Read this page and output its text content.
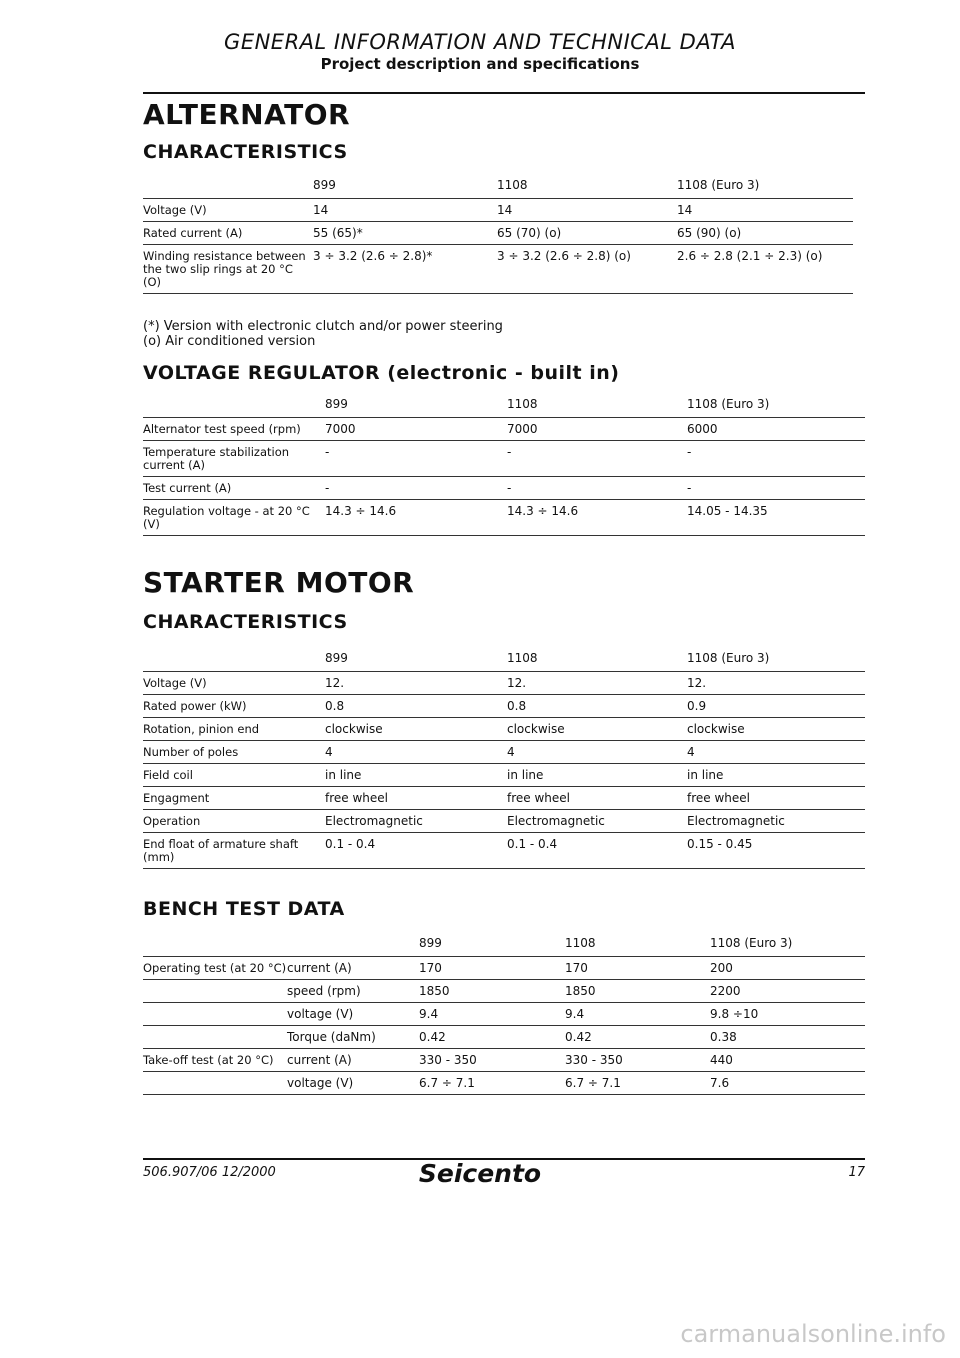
GENERAL INFORMATION AND TECHNICAL DATA
Project description and specifications
ALTERNATOR
CHARACTERISTICS
	899	1108	1108 (Euro 3)
Voltage (V)	14	14	14
Rated current (A)	55 (65)*	65 (70) (o)	65 (90) (o)
Winding resistance between the two slip rings at 20 °C (O)	3 ÷ 3.2 (2.6 ÷ 2.8)*	3 ÷ 3.2 (2.6 ÷ 2.8) (o)	2.6 ÷ 2.8 (2.1 ÷ 2.3) (o)
(*) Version with electronic clutch and/or power steering
(o) Air conditioned version
VOLTAGE REGULATOR (electronic - built in)
	899	1108	1108 (Euro 3)
Alternator test speed (rpm)	7000	7000	6000
Temperature stabilization current (A)	-	-	-
Test current (A)	-	-	-
Regulation voltage - at 20 °C (V)	14.3 ÷ 14.6	14.3 ÷ 14.6	14.05 - 14.35
STARTER MOTOR
CHARACTERISTICS
	899	1108	1108 (Euro 3)
Voltage (V)	12.	12.	12.
Rated power (kW)	0.8	0.8	0.9
Rotation, pinion end	clockwise	clockwise	clockwise
Number of poles	4	4	4
Field coil	in line	in line	in line
Engagment	free wheel	free wheel	free wheel
Operation	Electromagnetic	Electromagnetic	Electromagnetic
End float of armature shaft (mm)	0.1 - 0.4	0.1 - 0.4	0.15 - 0.45
BENCH TEST DATA
		899	1108	1108 (Euro 3)
Operating test (at 20 °C)	current (A)	170	170	200
	speed (rpm)	1850	1850	2200
	voltage (V)	9.4	9.4	9.8 ÷10
	Torque (daNm)	0.42	0.42	0.38
Take-off test (at 20 °C)	current (A)	330 - 350	330 - 350	440
	voltage (V)	6.7 ÷ 7.1	6.7 ÷ 7.1	7.6
506.907/06 12/2000	Seicento	17
carmanualsonline.info
